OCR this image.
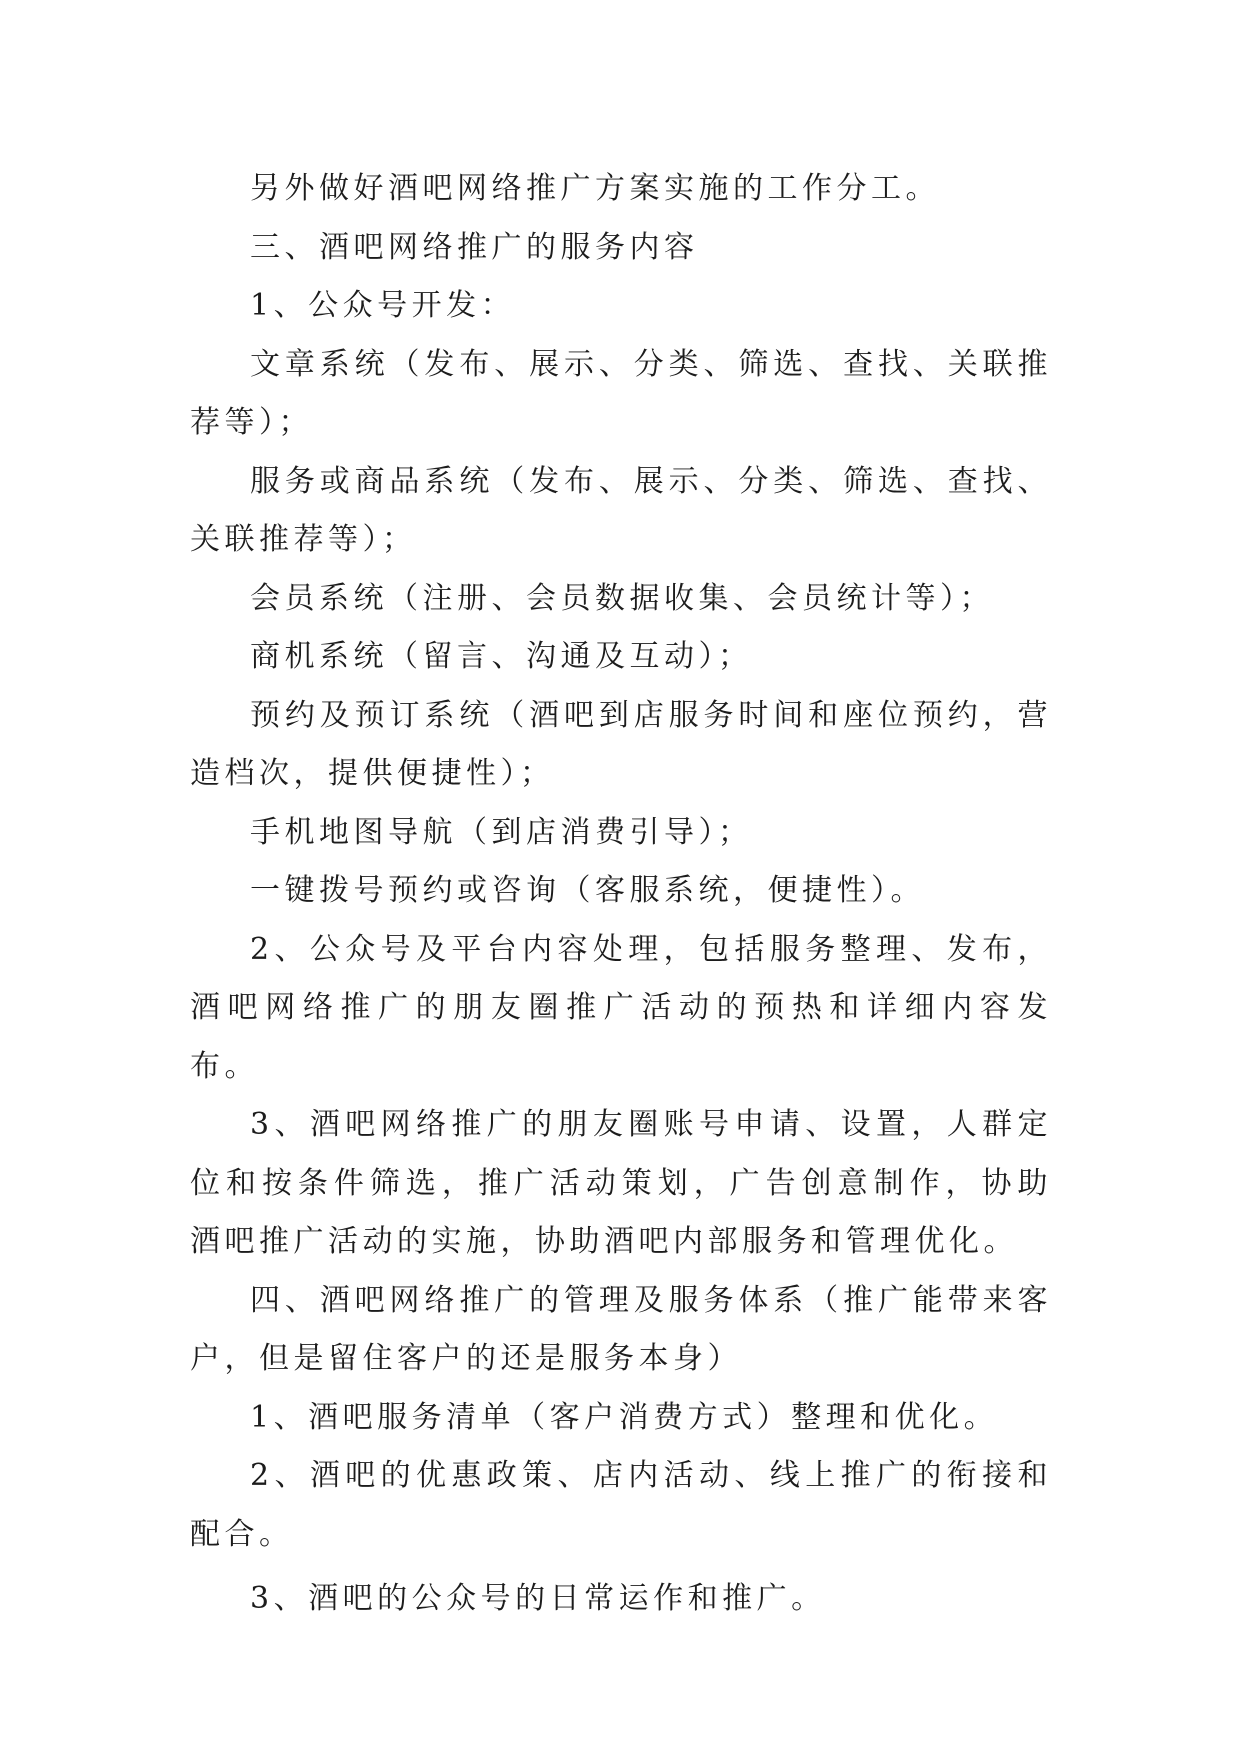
另外做好酒吧网络推广方案实施的工作分工。

三、酒吧网络推广的服务内容

1、公众号开发：

文章系统（发布、展示、分类、筛选、查找、关联推荐等）；

服务或商品系统（发布、展示、分类、筛选、查找、关联推荐等）；

会员系统（注册、会员数据收集、会员统计等）；

商机系统（留言、沟通及互动）；

预约及预订系统（酒吧到店服务时间和座位预约，营造档次，提供便捷性）；

手机地图导航（到店消费引导）；

一键拨号预约或咨询（客服系统，便捷性）。

2、公众号及平台内容处理，包括服务整理、发布，酒吧网络推广的朋友圈推广活动的预热和详细内容发布。

3、酒吧网络推广的朋友圈账号申请、设置，人群定位和按条件筛选，推广活动策划，广告创意制作，协助酒吧推广活动的实施，协助酒吧内部服务和管理优化。

四、酒吧网络推广的管理及服务体系（推广能带来客户，但是留住客户的还是服务本身）

1、酒吧服务清单（客户消费方式）整理和优化。

2、酒吧的优惠政策、店内活动、线上推广的衔接和配合。

3、酒吧的公众号的日常运作和推广。
